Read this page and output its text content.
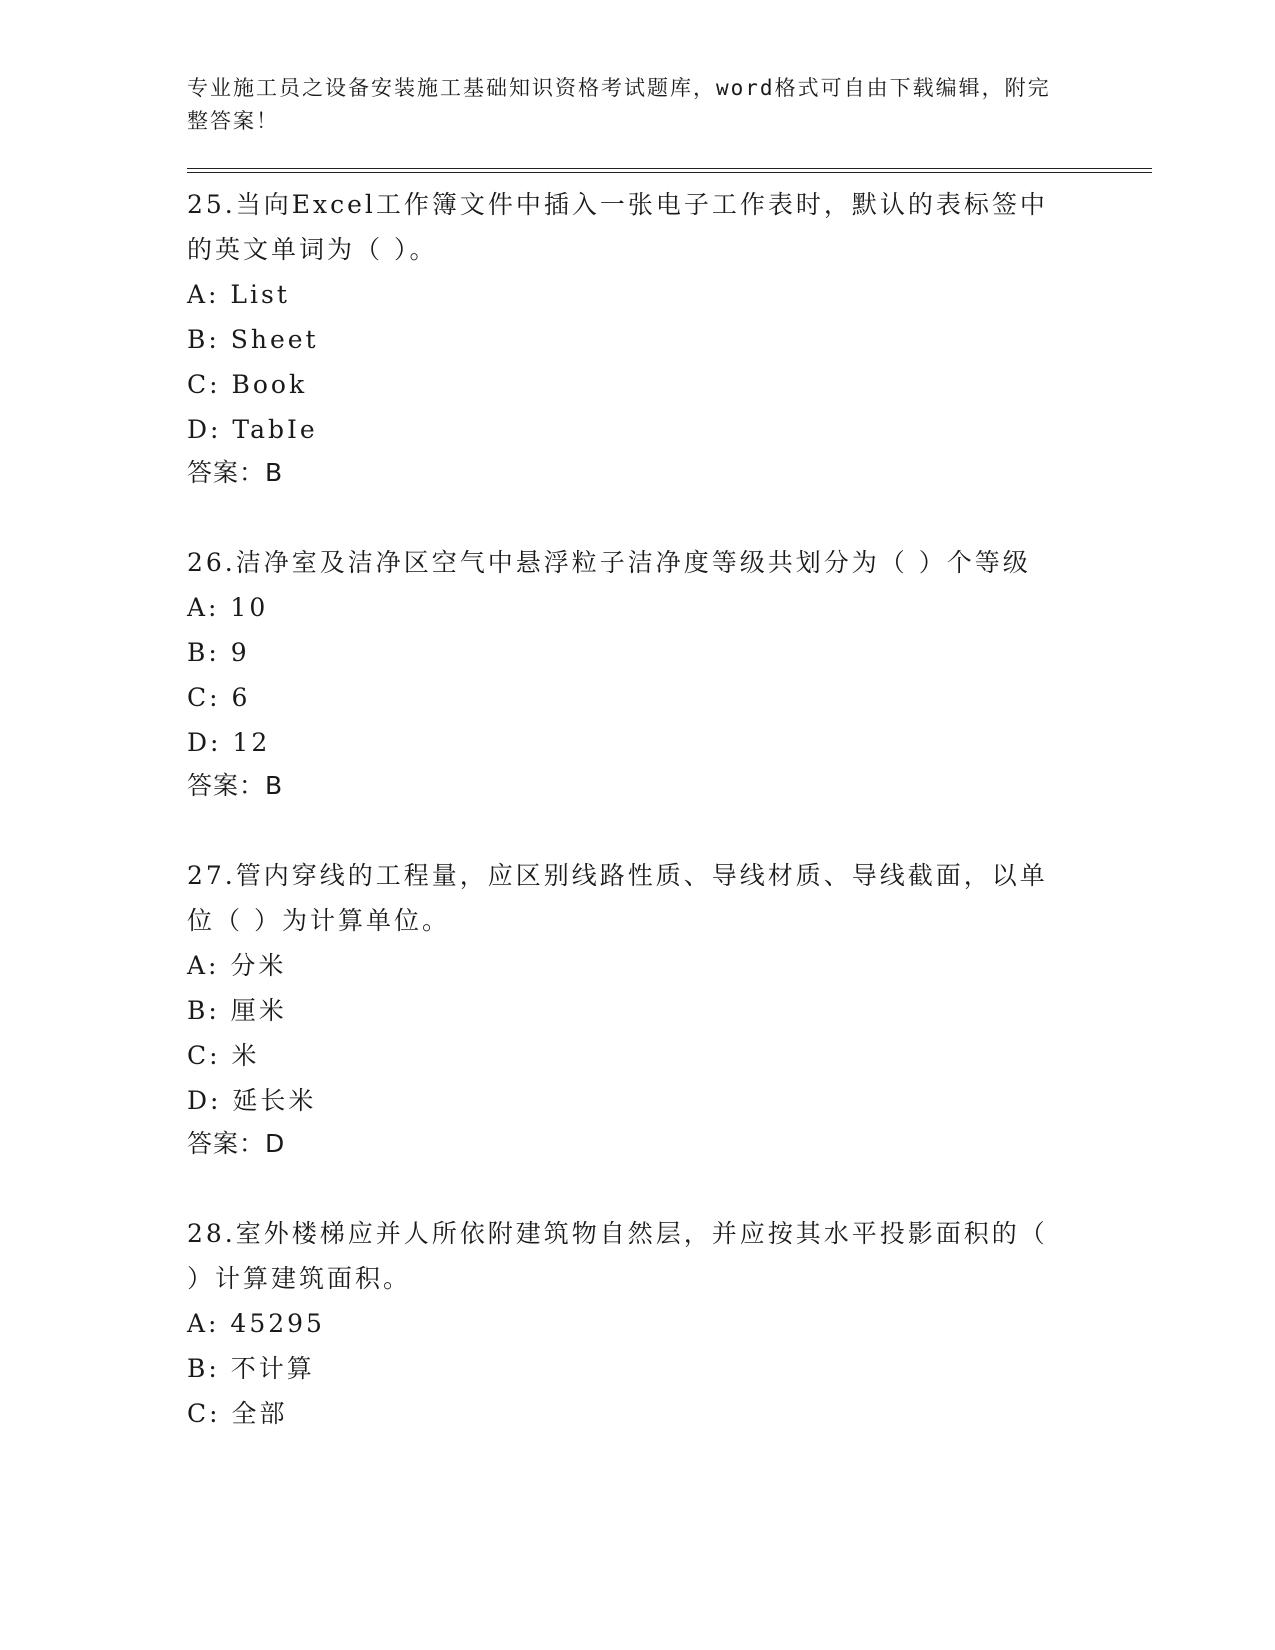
专业施工员之设备安装施工基础知识资格考试题库，word格式可自由下载编辑，附完整答案！

25.当向Excel工作簿文件中插入一张电子工作表时，默认的表标签中的英文单词为（ ）。

A: List

B: Sheet

C: Book

D: TabIe

答案：B

26.洁净室及洁净区空气中悬浮粒子洁净度等级共划分为（ ）个等级

A: 10

B: 9

C: 6

D: 12

答案：B

27.管内穿线的工程量，应区别线路性质、导线材质、导线截面，以单位（ ）为计算单位。

A: 分米

B: 厘米

C: 米

D: 延长米

答案：D

28.室外楼梯应并人所依附建筑物自然层，并应按其水平投影面积的（ ）计算建筑面积。

A: 45295

B: 不计算

C: 全部
